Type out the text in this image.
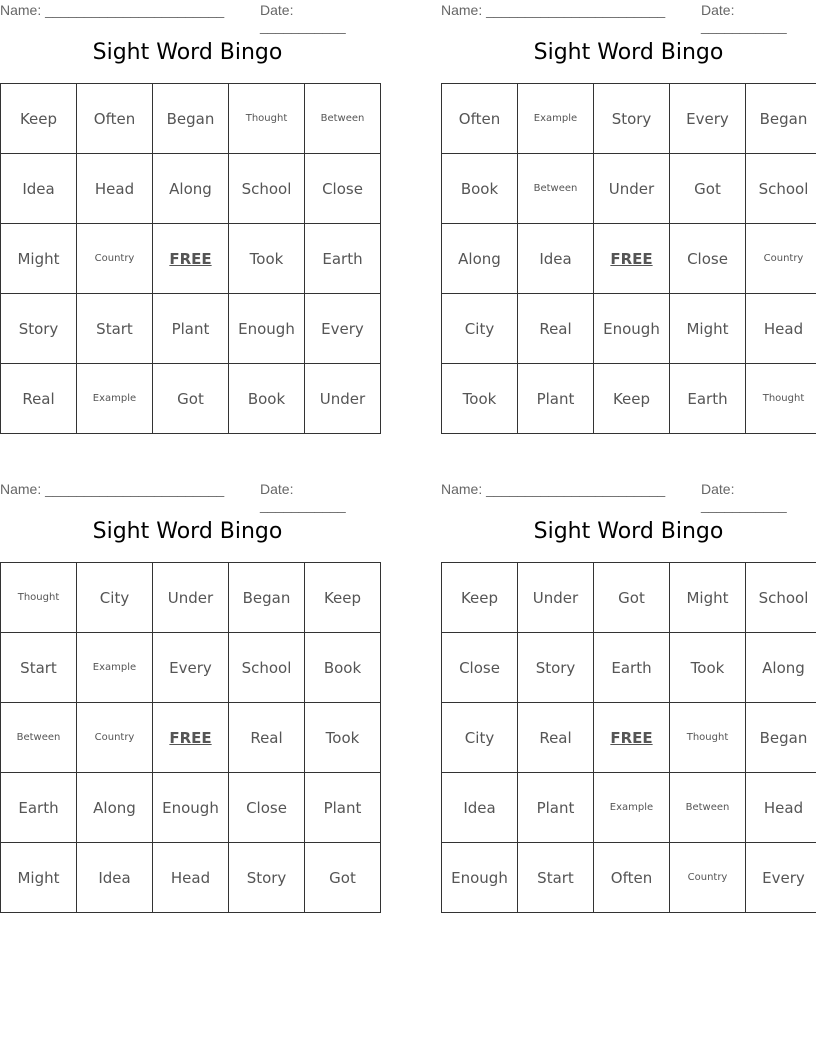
Name: _______________________	Date: ___________
Sight Word Bingo
Keep	Often	Began	Thought	Between
Idea	Head	Along	School	Close
Might	Country	FREE	Took	Earth
Story	Start	Plant	Enough	Every
Real	Example	Got	Book	Under
Name: _______________________	Date: ___________
Sight Word Bingo
Often	Example	Story	Every	Began
Book	Between	Under	Got	School
Along	Idea	FREE	Close	Country
City	Real	Enough	Might	Head
Took	Plant	Keep	Earth	Thought
Name: _______________________	Date: ___________
Sight Word Bingo
Thought	City	Under	Began	Keep
Start	Example	Every	School	Book
Between	Country	FREE	Real	Took
Earth	Along	Enough	Close	Plant
Might	Idea	Head	Story	Got
Name: _______________________	Date: ___________
Sight Word Bingo
Keep	Under	Got	Might	School
Close	Story	Earth	Took	Along
City	Real	FREE	Thought	Began
Idea	Plant	Example	Between	Head
Enough	Start	Often	Country	Every
